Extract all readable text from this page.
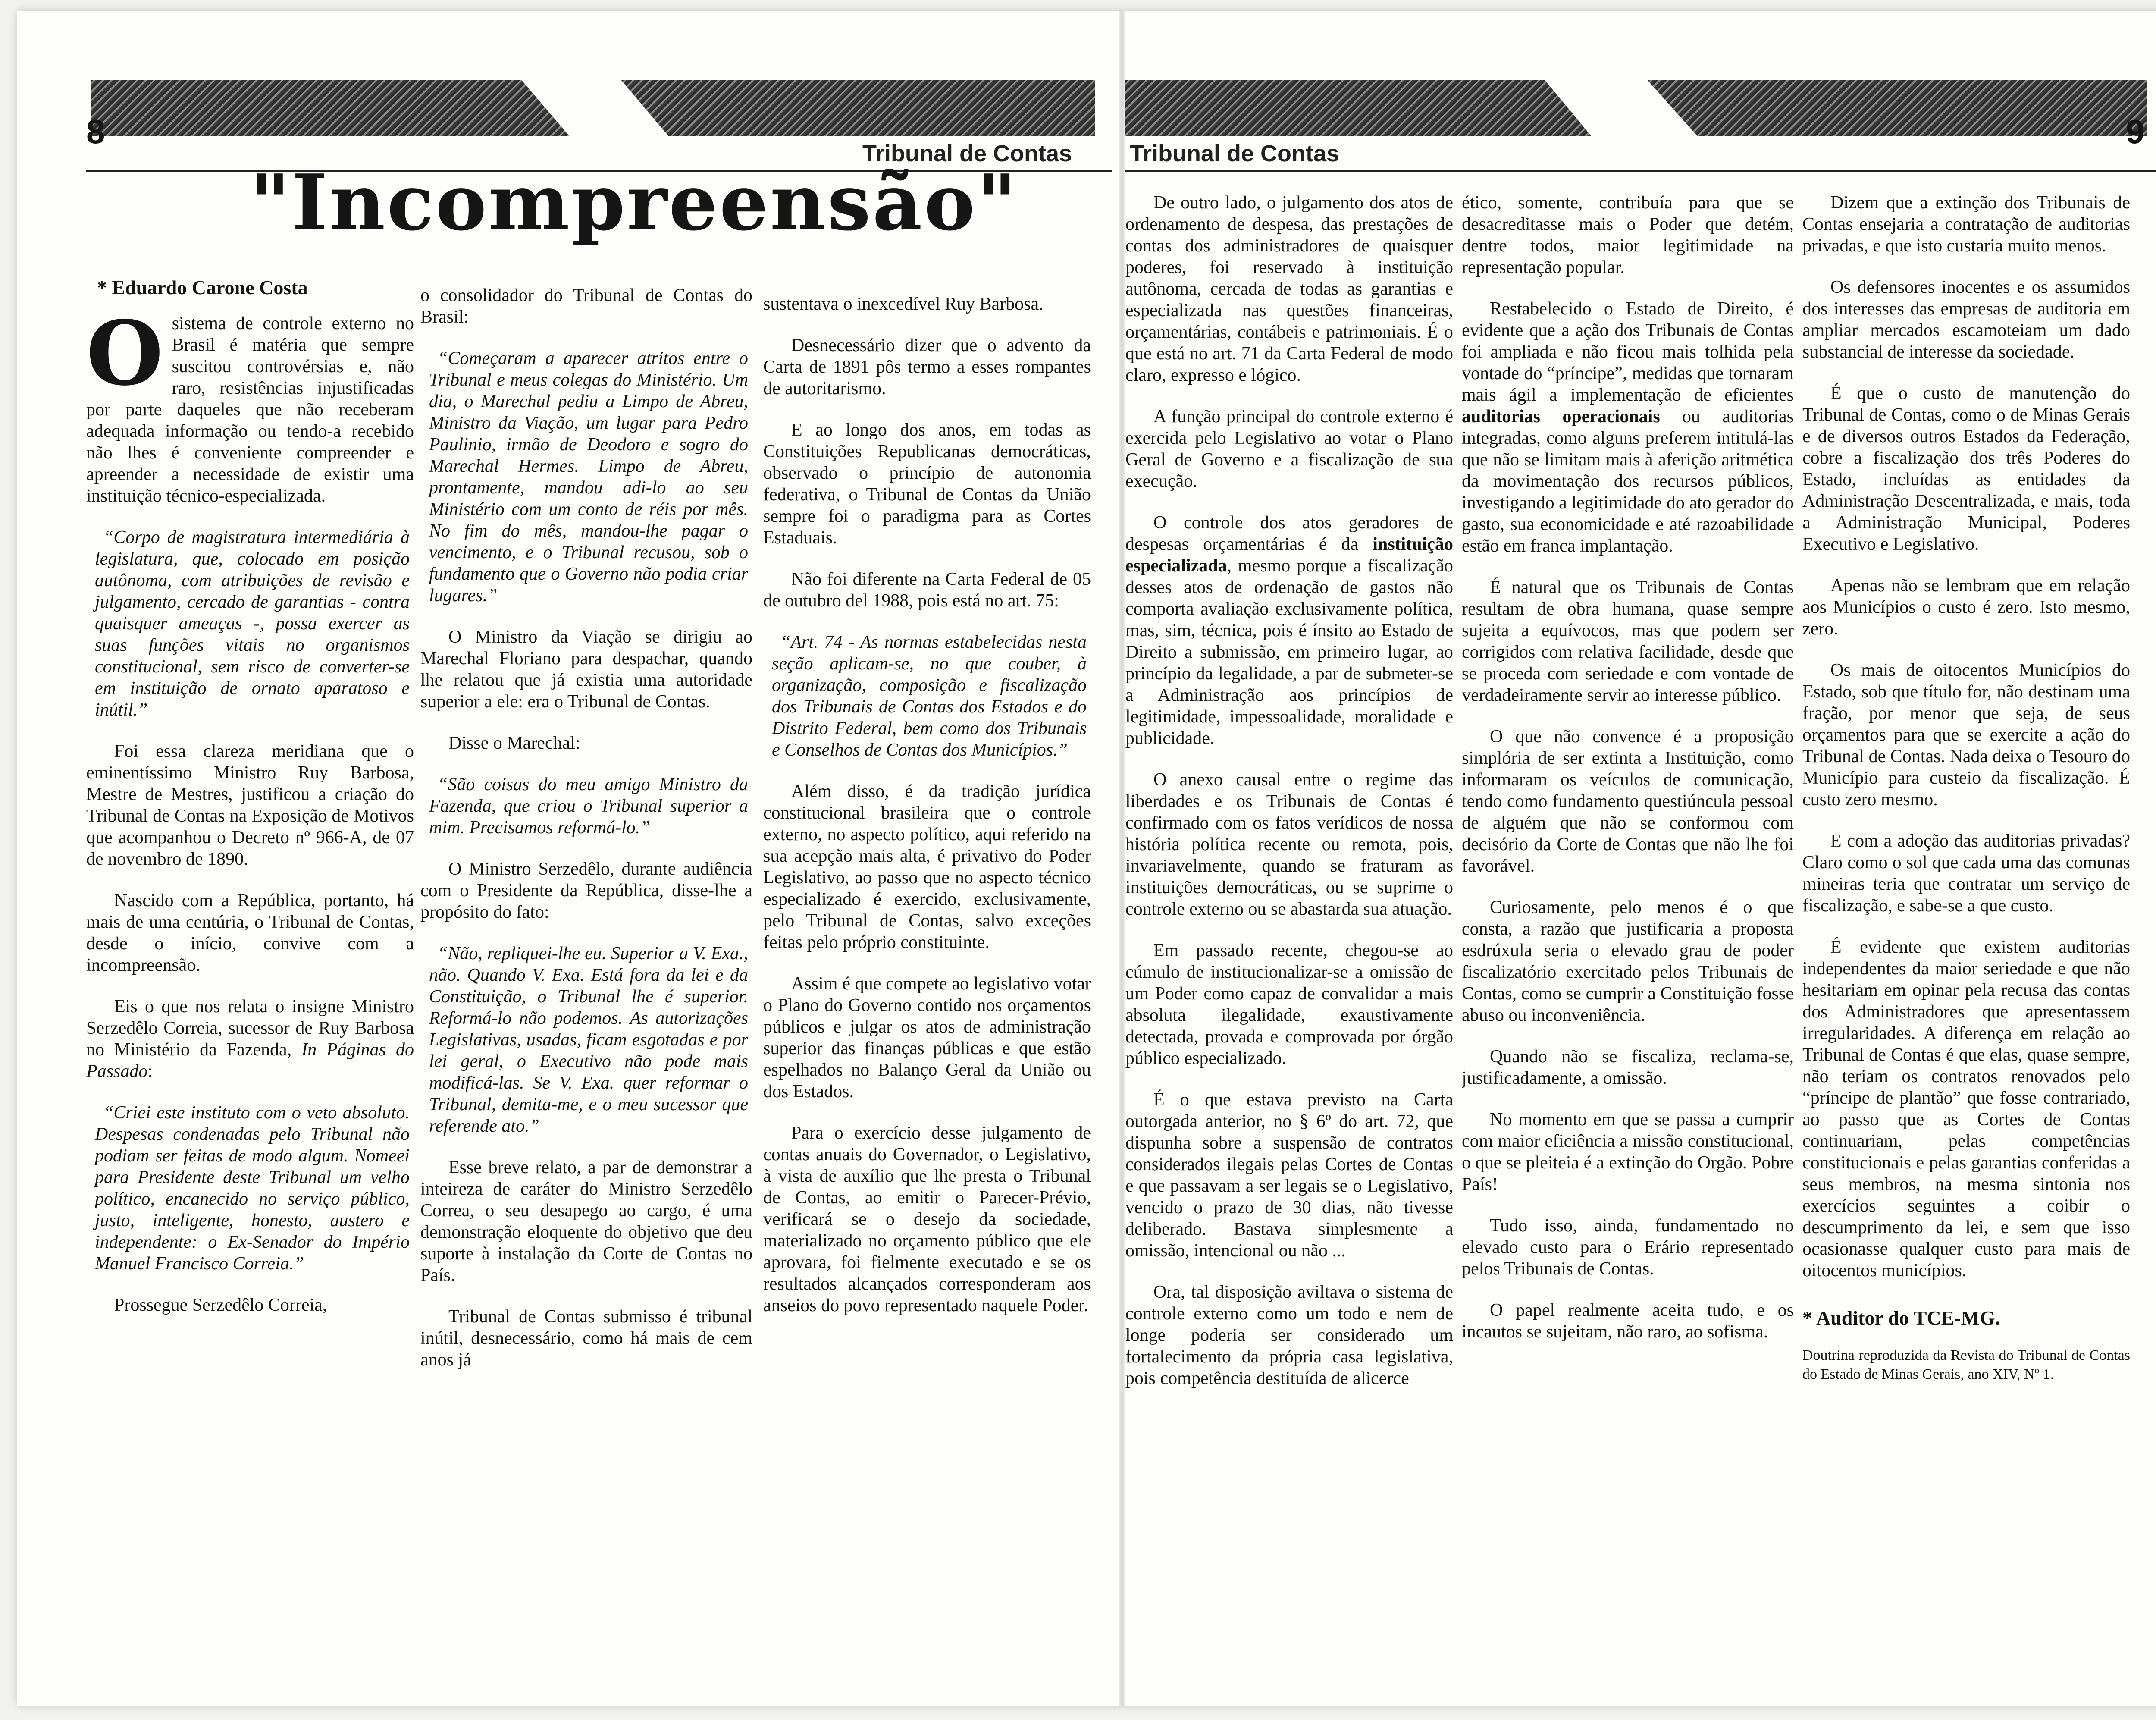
8	9
Tribunal de Contas Tribunal de Contas
"Incompreensão"
* Eduardo Carone Costa

Osistema de controle externo no Brasil é matéria que sempre suscitou controvérsias e, não raro, resistências injustificadas por parte daqueles que não receberam adequada informação ou tendo-a recebido não lhes é conveniente compreender e apreender a necessidade de existir uma instituição técnico-especializada.

“Corpo de magistratura intermediária à legislatura, que, colocado em posição autônoma, com atribuições de revisão e julgamento, cercado de garantias - contra quaisquer ameaças -, possa exercer as suas funções vitais no organismos constitucional, sem risco de converter-se em instituição de ornato aparatoso e inútil.”

Foi essa clareza meridiana que o eminentíssimo Ministro Ruy Barbosa, Mestre de Mestres, justificou a criação do Tribunal de Contas na Exposição de Motivos que acompanhou o Decreto nº 966-A, de 07 de novembro de 1890.

Nascido com a República, portanto, há mais de uma centúria, o Tribunal de Contas, desde o início, convive com a incompreensão.

Eis o que nos relata o insigne Ministro Serzedêlo Correia, sucessor de Ruy Barbosa no Ministério da Fazenda, In Páginas do Passado:

“Criei este instituto com o veto absoluto. Despesas condenadas pelo Tribunal não podiam ser feitas de modo algum. Nomeei para Presidente deste Tribunal um velho político, encanecido no serviço público, justo, inteligente, honesto, austero e independente: o Ex-Senador do Império Manuel Francisco Correia.”

Prossegue Serzedêlo Correia,

o consolidador do Tribunal de Contas do Brasil:

“Começaram a aparecer atritos entre o Tribunal e meus colegas do Ministério. Um dia, o Marechal pediu a Limpo de Abreu, Ministro da Viação, um lugar para Pedro Paulinio, irmão de Deodoro e sogro do Marechal Hermes. Limpo de Abreu, prontamente, mandou adi-lo ao seu Ministério com um conto de réis por mês. No fim do mês, mandou-lhe pagar o vencimento, e o Tribunal recusou, sob o fundamento que o Governo não podia criar lugares.”

O Ministro da Viação se dirigiu ao Marechal Floriano para despachar, quando lhe relatou que já existia uma autoridade superior a ele: era o Tribunal de Contas.

Disse o Marechal:

“São coisas do meu amigo Ministro da Fazenda, que criou o Tribunal superior a mim. Precisamos reformá-lo.”

O Ministro Serzedêlo, durante audiência com o Presidente da República, disse-lhe a propósito do fato:

“Não, repliquei-lhe eu. Superior a V. Exa., não. Quando V. Exa. Está fora da lei e da Constituição, o Tribunal lhe é superior. Reformá-lo não podemos. As autorizações Legislativas, usadas, ficam esgotadas e por lei geral, o Executivo não pode mais modificá-las. Se V. Exa. quer reformar o Tribunal, demita-me, e o meu sucessor que referende ato.”

Esse breve relato, a par de demonstrar a inteireza de caráter do Ministro Serzedêlo Correa, o seu desapego ao cargo, é uma demonstração eloquente do objetivo que deu suporte à instalação da Corte de Contas no País.

Tribunal de Contas submisso é tribunal inútil, desnecessário, como há mais de cem anos já

sustentava o inexcedível Ruy Barbosa.

Desnecessário dizer que o advento da Carta de 1891 pôs termo a esses rompantes de autoritarismo.

E ao longo dos anos, em todas as Constituições Republicanas democráticas, observado o princípio de autonomia federativa, o Tribunal de Contas da União sempre foi o paradigma para as Cortes Estaduais.

Não foi diferente na Carta Federal de 05 de outubro del 1988, pois está no art. 75:

“Art. 74 - As normas estabelecidas nesta seção aplicam-se, no que couber, à organização, composição e fiscalização dos Tribunais de Contas dos Estados e do Distrito Federal, bem como dos Tribunais e Conselhos de Contas dos Municípios.”

Além disso, é da tradição jurídica constitucional brasileira que o controle externo, no aspecto político, aqui referido na sua acepção mais alta, é privativo do Poder Legislativo, ao passo que no aspecto técnico especializado é exercido, exclusivamente, pelo Tribunal de Contas, salvo exceções feitas pelo próprio constituinte.

Assim é que compete ao legislativo votar o Plano do Governo contido nos orçamentos públicos e julgar os atos de administração superior das finanças públicas e que estão espelhados no Balanço Geral da União ou dos Estados.

Para o exercício desse julgamento de contas anuais do Governador, o Legislativo, à vista de auxílio que lhe presta o Tribunal de Contas, ao emitir o Parecer-Prévio, verificará se o desejo da sociedade, materializado no orçamento público que ele aprovara, foi fielmente executado e se os resultados alcançados corresponderam aos anseios do povo representado naquele Poder.

De outro lado, o julgamento dos atos de ordenamento de despesa, das prestações de contas dos administradores de quaisquer poderes, foi reservado à instituição autônoma, cercada de todas as garantias e especializada nas questões financeiras, orçamentárias, contábeis e patrimoniais. É o que está no art. 71 da Carta Federal de modo claro, expresso e lógico.

A função principal do controle externo é exercida pelo Legislativo ao votar o Plano Geral de Governo e a fiscalização de sua execução.

O controle dos atos geradores de despesas orçamentárias é da instituição especializada, mesmo porque a fiscalização desses atos de ordenação de gastos não comporta avaliação exclusivamente política, mas, sim, técnica, pois é ínsito ao Estado de Direito a submissão, em primeiro lugar, ao princípio da legalidade, a par de submeter-se a Administração aos princípios de legitimidade, impessoalidade, moralidade e publicidade.

O anexo causal entre o regime das liberdades e os Tribunais de Contas é confirmado com os fatos verídicos de nossa história política recente ou remota, pois, invariavelmente, quando se fraturam as instituições democráticas, ou se suprime o controle externo ou se abastarda sua atuação.

Em passado recente, chegou-se ao cúmulo de institucionalizar-se a omissão de um Poder como capaz de convalidar a mais absoluta ilegalidade, exaustivamente detectada, provada e comprovada por órgão público especializado.

É o que estava previsto na Carta outorgada anterior, no § 6º do art. 72, que dispunha sobre a suspensão de contratos considerados ilegais pelas Cortes de Contas e que passavam a ser legais se o Legislativo, vencido o prazo de 30 dias, não tivesse deliberado. Bastava simplesmente a omissão, intencional ou não ...

Ora, tal disposição aviltava o sistema de controle externo como um todo e nem de longe poderia ser considerado um fortalecimento da própria casa legislativa, pois competência destituída de alicerce

ético, somente, contribuía para que se desacreditasse mais o Poder que detém, dentre todos, maior legitimidade na representação popular.

Restabelecido o Estado de Direito, é evidente que a ação dos Tribunais de Contas foi ampliada e não ficou mais tolhida pela vontade do “príncipe”, medidas que tornaram mais ágil a implementação de eficientes auditorias operacionais ou auditorias integradas, como alguns preferem intitulá-las que não se limitam mais à aferição aritmética da movimentação dos recursos públicos, investigando a legitimidade do ato gerador do gasto, sua economicidade e até razoabilidade estão em franca implantação.

É natural que os Tribunais de Contas resultam de obra humana, quase sempre sujeita a equívocos, mas que podem ser corrigidos com relativa facilidade, desde que se proceda com seriedade e com vontade de verdadeiramente servir ao interesse público.

O que não convence é a proposição simplória de ser extinta a Instituição, como informaram os veículos de comunicação, tendo como fundamento questiúncula pessoal de alguém que não se conformou com decisório da Corte de Contas que não lhe foi favorável.

Curiosamente, pelo menos é o que consta, a razão que justificaria a proposta esdrúxula seria o elevado grau de poder fiscalizatório exercitado pelos Tribunais de Contas, como se cumprir a Constituição fosse abuso ou inconveniência.

Quando não se fiscaliza, reclama-se, justificadamente, a omissão.

No momento em que se passa a cumprir com maior eficiência a missão constitucional, o que se pleiteia é a extinção do Orgão. Pobre País!

Tudo isso, ainda, fundamentado no elevado custo para o Erário representado pelos Tribunais de Contas.

O papel realmente aceita tudo, e os incautos se sujeitam, não raro, ao sofisma.

Dizem que a extinção dos Tribunais de Contas ensejaria a contratação de auditorias privadas, e que isto custaria muito menos.

Os defensores inocentes e os assumidos dos interesses das empresas de auditoria em ampliar mercados escamoteiam um dado substancial de interesse da sociedade.

É que o custo de manutenção do Tribunal de Contas, como o de Minas Gerais e de diversos outros Estados da Federação, cobre a fiscalização dos três Poderes do Estado, incluídas as entidades da Administração Descentralizada, e mais, toda a Administração Municipal, Poderes Executivo e Legislativo.

Apenas não se lembram que em relação aos Municípios o custo é zero. Isto mesmo, zero.

Os mais de oitocentos Municípios do Estado, sob que título for, não destinam uma fração, por menor que seja, de seus orçamentos para que se exercite a ação do Tribunal de Contas. Nada deixa o Tesouro do Município para custeio da fiscalização. É custo zero mesmo.

E com a adoção das auditorias privadas? Claro como o sol que cada uma das comunas mineiras teria que contratar um serviço de fiscalização, e sabe-se a que custo.

É evidente que existem auditorias independentes da maior seriedade e que não hesitariam em opinar pela recusa das contas dos Administradores que apresentassem irregularidades. A diferença em relação ao Tribunal de Contas é que elas, quase sempre, não teriam os contratos renovados pelo “príncipe de plantão” que fosse contrariado, ao passo que as Cortes de Contas continuariam, pelas competências constitucionais e pelas garantias conferidas a seus membros, na mesma sintonia nos exercícios seguintes a coibir o descumprimento da lei, e sem que isso ocasionasse qualquer custo para mais de oitocentos municípios.

* Auditor do TCE-MG.

Doutrina reproduzida da Revista do Tribunal de Contas do Estado de Minas Gerais, ano XIV, Nº 1.
